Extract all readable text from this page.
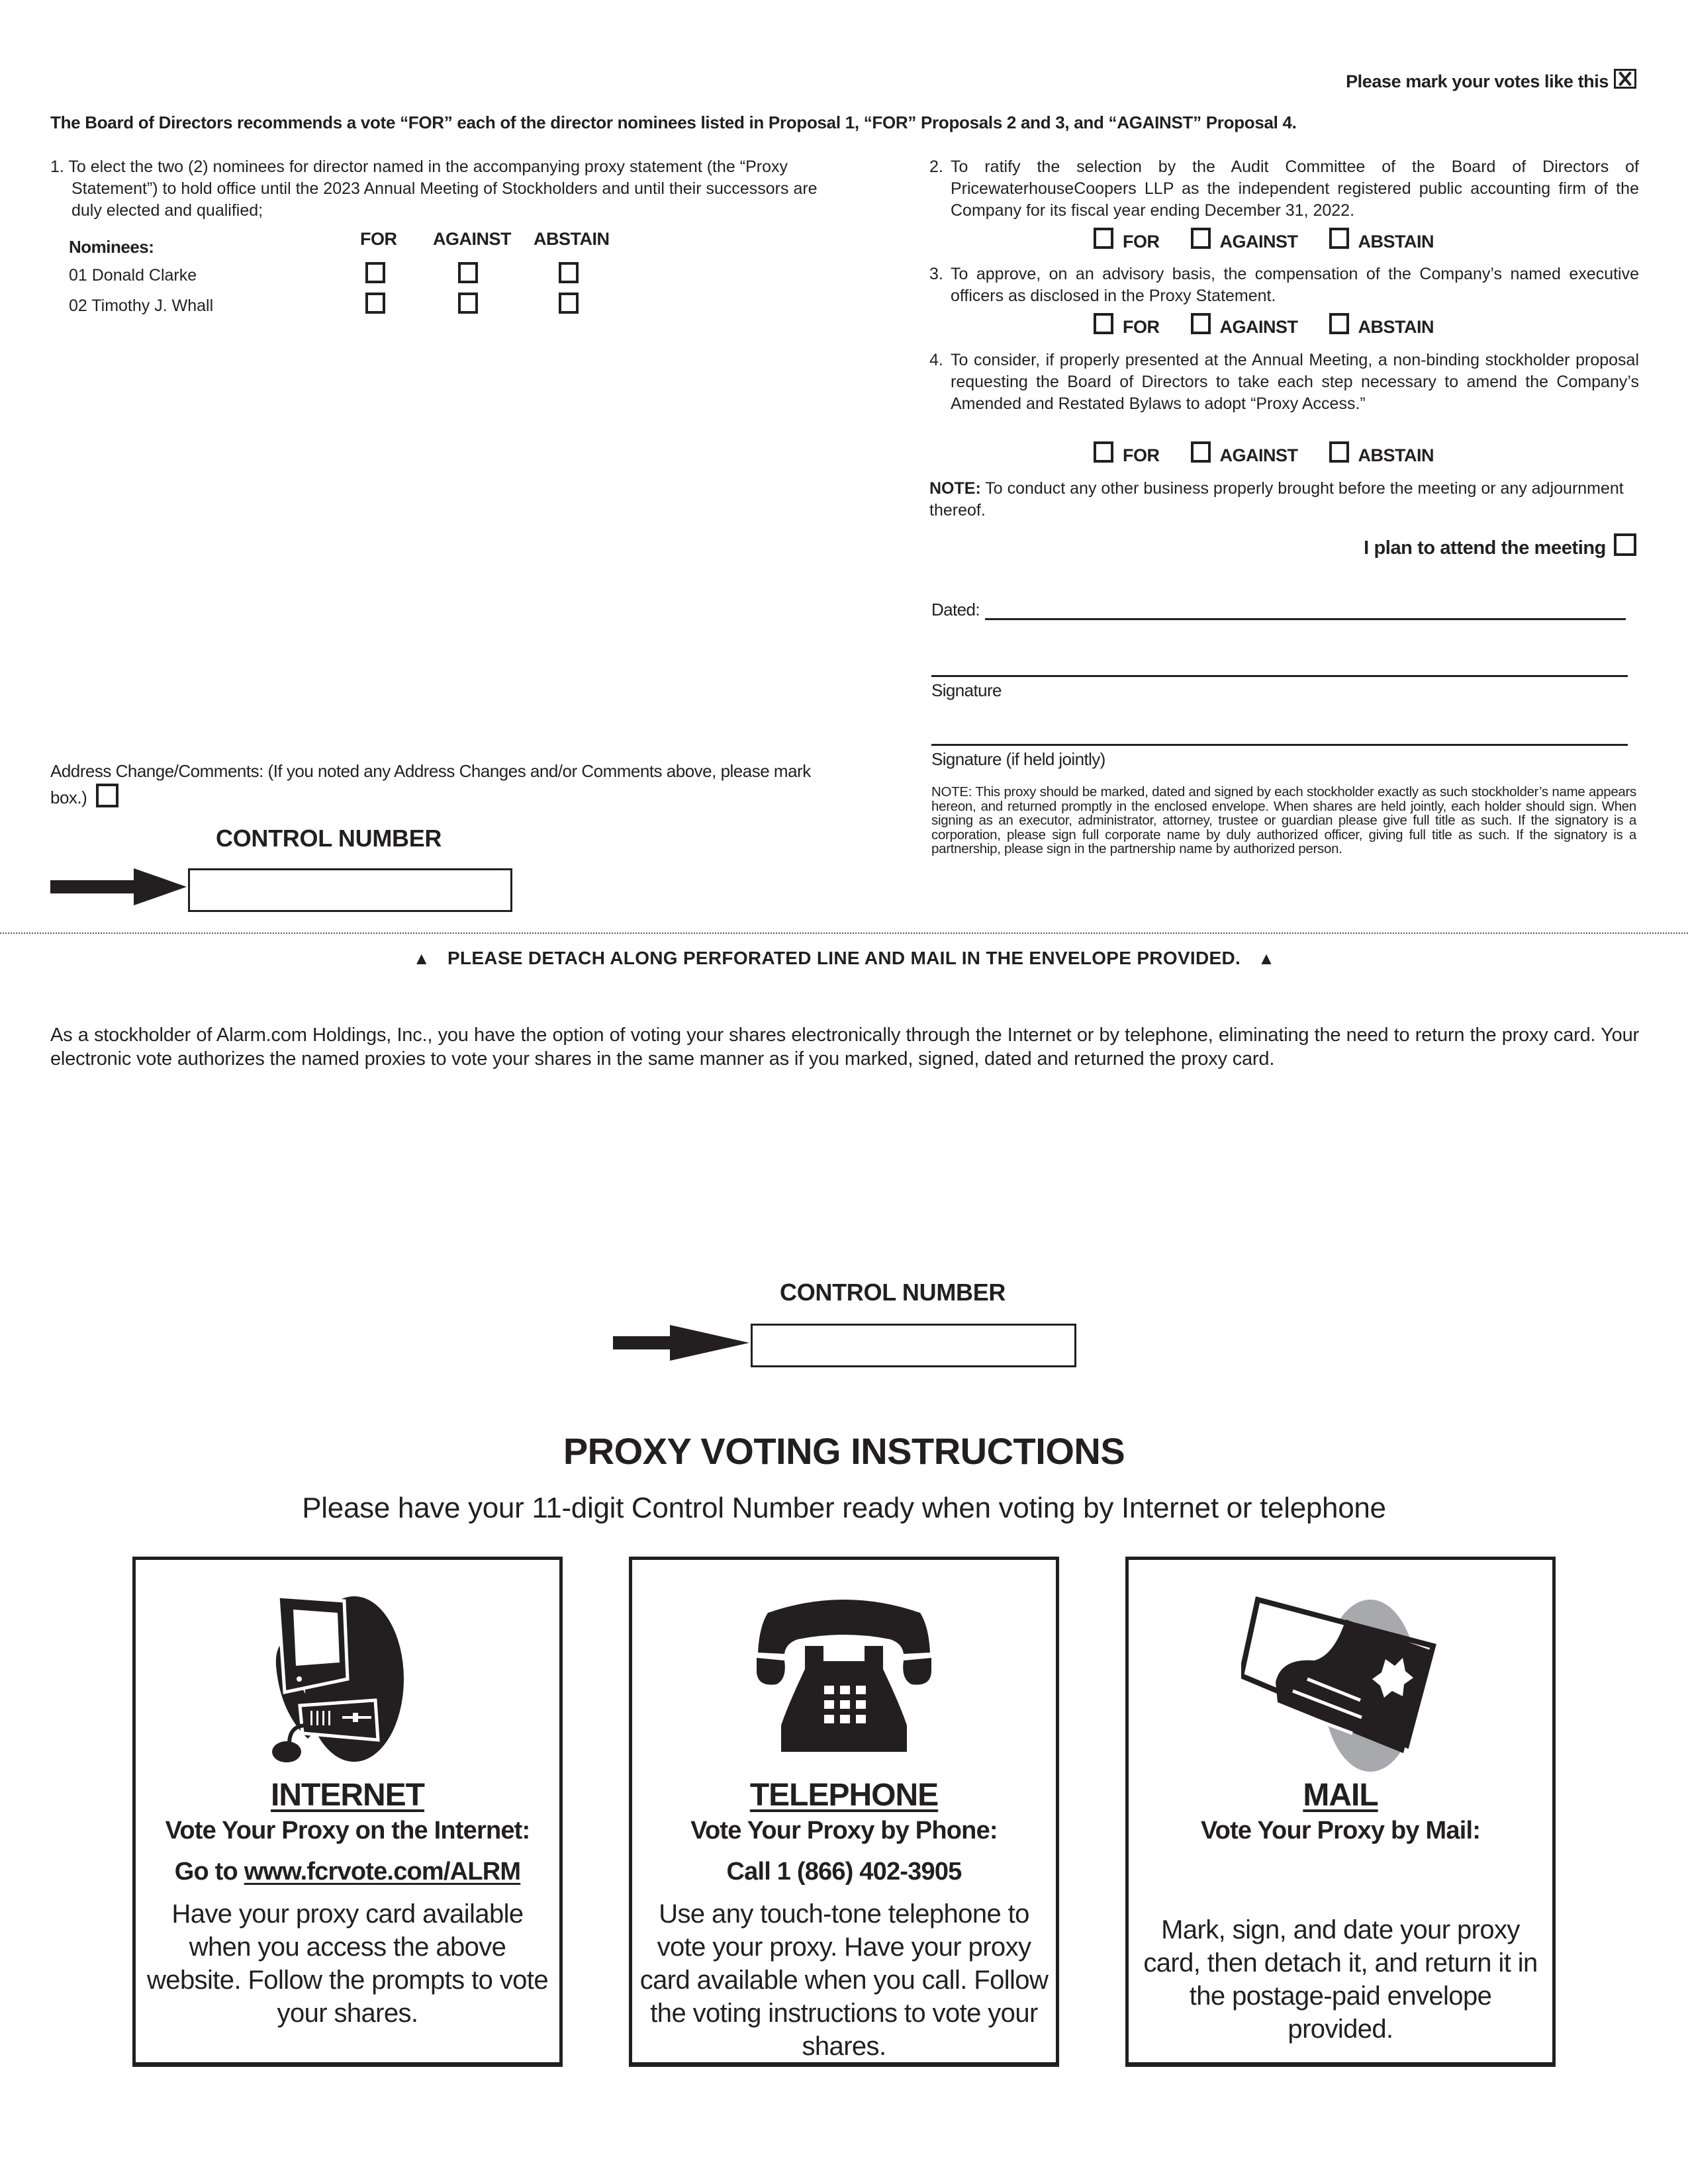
Please mark your votes like this
The Board of Directors recommends a vote “FOR” each of the director nominees listed in Proposal 1, “FOR” Proposals 2 and 3, and “AGAINST” Proposal 4.
1. To elect the two (2) nominees for director named in the accompanying proxy statement (the “Proxy Statement”) to hold office until the 2023 Annual Meeting of Stockholders and until their successors are duly elected and qualified;
Nominees:	FOR AGAINST ABSTAIN
01 Donald Clarke
02 Timothy J. Whall
2. To ratify the selection by the Audit Committee of the Board of Directors of PricewaterhouseCoopers LLP as the independent registered public accounting firm of the Company for its fiscal year ending December 31, 2022.
FOR	AGAINST	ABSTAIN
3. To approve, on an advisory basis, the compensation of the Company’s named executive officers as disclosed in the Proxy Statement.
FOR	AGAINST	ABSTAIN
4. To consider, if properly presented at the Annual Meeting, a non-binding stockholder proposal requesting the Board of Directors to take each step necessary to amend the Company’s Amended and Restated Bylaws to adopt “Proxy Access.”
FOR	AGAINST	ABSTAIN
NOTE: To conduct any other business properly brought before the meeting or any adjournment thereof.
I plan to attend the meeting
Dated:
Signature
Signature (if held jointly)
NOTE: This proxy should be marked, dated and signed by each stockholder exactly as such stockholder’s name appears hereon, and returned promptly in the enclosed envelope. When shares are held jointly, each holder should sign. When signing as an executor, administrator, attorney, trustee or guardian please give full title as such. If the signatory is a corporation, please sign full corporate name by duly authorized officer, giving full title as such. If the signatory is a partnership, please sign in the partnership name by authorized person.
Address Change/Comments: (If you noted any Address Changes and/or Comments above, please mark box.)
CONTROL NUMBER
▲ PLEASE DETACH ALONG PERFORATED LINE AND MAIL IN THE ENVELOPE PROVIDED. ▲
As a stockholder of Alarm.com Holdings, Inc., you have the option of voting your shares electronically through the Internet or by telephone, eliminating the need to return the proxy card. Your electronic vote authorizes the named proxies to vote your shares in the same manner as if you marked, signed, dated and returned the proxy card.
CONTROL NUMBER
PROXY VOTING INSTRUCTIONS
Please have your 11-digit Control Number ready when voting by Internet or telephone
INTERNET
Vote Your Proxy on the Internet:
Go to www.fcrvote.com/ALRM
Have your proxy card available when you access the above website. Follow the prompts to vote your shares.
TELEPHONE
Vote Your Proxy by Phone:
Call 1 (866) 402-3905
Use any touch-tone telephone to vote your proxy. Have your proxy card available when you call. Follow the voting instructions to vote your shares.
MAIL
Vote Your Proxy by Mail:
Mark, sign, and date your proxy card, then detach it, and return it in the postage-paid envelope provided.
